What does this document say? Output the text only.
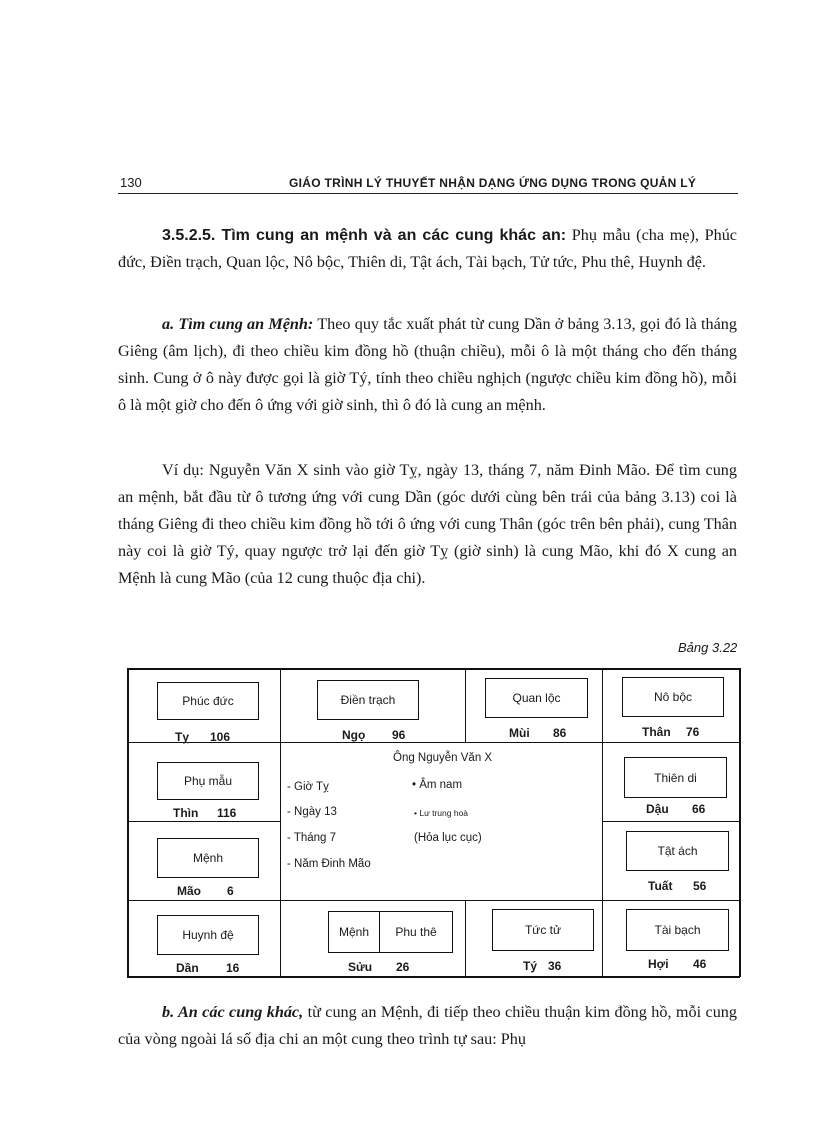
130	GIÁO TRÌNH LÝ THUYẾT NHẬN DẠNG ỨNG DỤNG TRONG QUẢN LÝ

3.5.2.5. Tìm cung an mệnh và an các cung khác an: Phụ mẫu (cha mẹ), Phúc đức, Điền trạch, Quan lộc, Nô bộc, Thiên di, Tật ách, Tài bạch, Tử tức, Phu thê, Huynh đệ.

a. Tìm cung an Mệnh: Theo quy tắc xuất phát từ cung Dần ở bảng 3.13, gọi đó là tháng Giêng (âm lịch), đi theo chiều kim đồng hồ (thuận chiều), mỗi ô là một tháng cho đến tháng sinh. Cung ở ô này được gọi là giờ Tý, tính theo chiều nghịch (ngược chiều kim đồng hồ), mỗi ô là một giờ cho đến ô ứng với giờ sinh, thì ô đó là cung an mệnh.

Ví dụ: Nguyễn Văn X sinh vào giờ Tỵ, ngày 13, tháng 7, năm Đinh Mão. Để tìm cung an mệnh, bắt đầu từ ô tương ứng với cung Dần (góc dưới cùng bên trái của bảng 3.13) coi là tháng Giêng đi theo chiều kim đồng hồ tới ô ứng với cung Thân (góc trên bên phải), cung Thân này coi là giờ Tý, quay ngược trở lại đến giờ Tỵ (giờ sinh) là cung Mão, khi đó X cung an Mệnh là cung Mão (của 12 cung thuộc địa chi).

Bảng 3.22
Phúc đức
Tỵ 106
Điền trạch
Ngọ 96
Quan lộc
Mùi 86
Nô bộc
Thân 76
Thiên di
Dậu 66
Tật ách
Tuất 56
Tài bạch
Hợi 46
Tức tử
Tý 36
Mệnh	Phu thê
Sửu 26
Huynh đệ
Dần 16
Mệnh
Mão 6
Phụ mẫu
Thìn 116
Ông Nguyễn Văn X
- Giờ Tỵ	• Âm nam
- Ngày 13	• Lư trung hoà
- Tháng 7	(Hỏa lục cục)
- Năm Đinh Mão

b. An các cung khác, từ cung an Mệnh, đi tiếp theo chiều thuận kim đồng hồ, mỗi cung của vòng ngoài lá số địa chi an một cung theo trình tự sau: Phụ
